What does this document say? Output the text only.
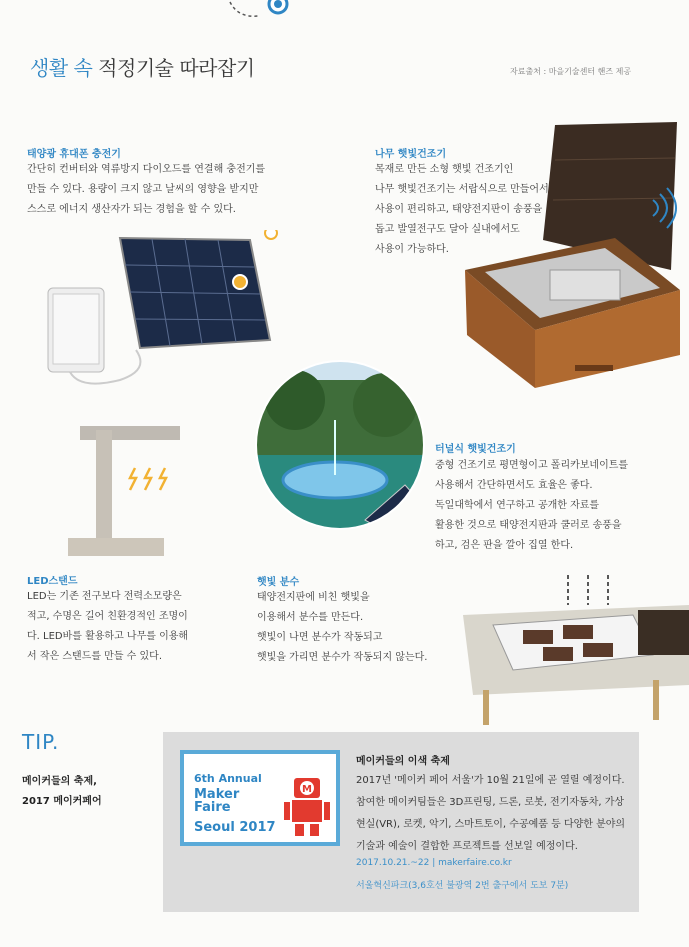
생활 속 적정기술 따라잡기	자료출처 : 마을기술센터 핸즈 제공
태양광 휴대폰 충전기
간단히 컨버터와 역류방지 다이오드를 연결해 충전기를
만들 수 있다. 용량이 크지 않고 날씨의 영향을 받지만
스스로 에너지 생산자가 되는 경험을 할 수 있다.
나무 햇빛건조기
목재로 만든 소형 햇빛 건조기인
나무 햇빛건조기는 서랍식으로 만들어서
사용이 편리하고, 태양전지판이 송풍을
돕고 발열전구도 달아 실내에서도
사용이 가능하다.
LED스탠드
LED는 기존 전구보다 전력소모량은
적고, 수명은 길어 친환경적인 조명이
다. LED바를 활용하고 나무를 이용해
서 작은 스탠드를 만들 수 있다.
햇빛 분수
태양전지판에 비친 햇빛을
이용해서 분수를 만든다.
햇빛이 나면 분수가 작동되고
햇빛을 가리면 분수가 작동되지 않는다.
터널식 햇빛건조기
중형 건조기로 평면형이고 폴리카보네이트를
사용해서 간단하면서도 효율은 좋다.
독일대학에서 연구하고 공개한 자료를
활용한 것으로 태양전지판과 쿨러로 송풍을
하고, 검은 판을 깔아 집열 한다.
TIP.
메이커들의 축제,
2017 메이커페어
6th Annual
Maker
Faire
Seoul 2017
M
메이커들의 이색 축제
2017년 '메이커 페어 서울'가 10월 21일에 곧 열릴 예정이다.
참여한 메이커팀들은 3D프린팅, 드론, 로봇, 전기자동차, 가상
현실(VR), 로켓, 악기, 스마트토이, 수공예품 등 다양한 분야의
기술과 예술이 결합한 프로젝트를 선보일 예정이다.
2017.10.21.~22 | makerfaire.co.kr
서울혁신파크(3,6호선 불광역 2번 출구에서 도보 7분)
